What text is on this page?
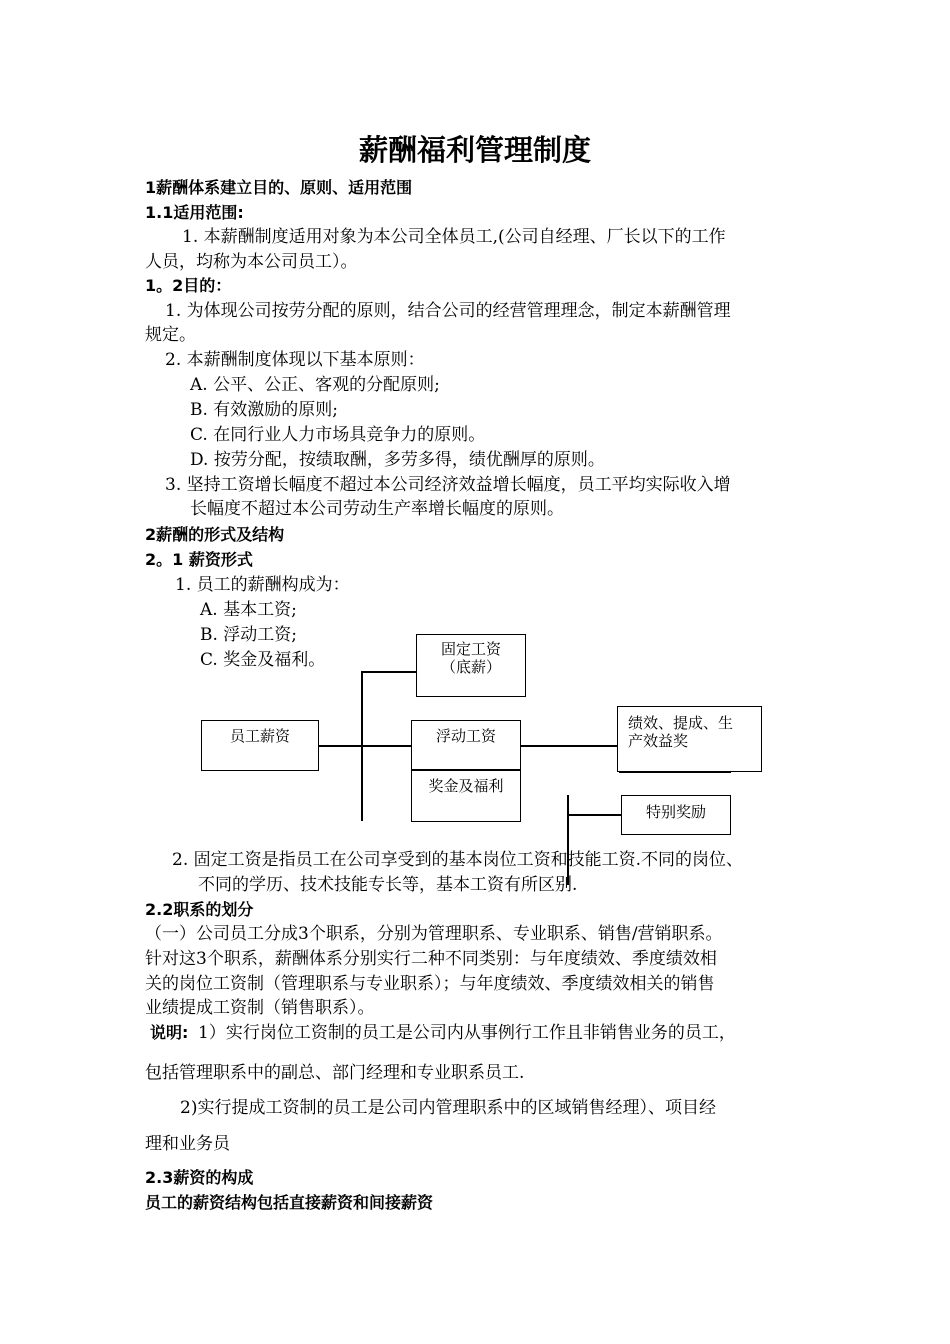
薪酬福利管理制度
1薪酬体系建立目的、原则、适用范围
1.1适用范围:
1. 本薪酬制度适用对象为本公司全体员工,(公司自经理、厂长以下的工作
人员，均称为本公司员工）。
1。2目的：
1. 为体现公司按劳分配的原则，结合公司的经营管理理念，制定本薪酬管理
规定。
2. 本薪酬制度体现以下基本原则：
A. 公平、公正、客观的分配原则;
B. 有效激励的原则;
C. 在同行业人力市场具竞争力的原则。
D. 按劳分配，按绩取酬，多劳多得，绩优酬厚的原则。
3. 坚持工资增长幅度不超过本公司经济效益增长幅度，员工平均实际收入增
长幅度不超过本公司劳动生产率增长幅度的原则。
2薪酬的形式及结构
2。1 薪资形式
1. 员工的薪酬构成为：
A. 基本工资;
B. 浮动工资;
C. 奖金及福利。
固定工资
（底薪）
员工薪资	浮动工资
奖金及福利
绩效、提成、生
产效益奖
特别奖励
2. 固定工资是指员工在公司享受到的基本岗位工资和技能工资.不同的岗位、
不同的学历、技术技能专长等，基本工资有所区别.
2.2职系的划分
（一）公司员工分成3个职系，分别为管理职系、专业职系、销售/营销职系。
针对这3个职系，薪酬体系分别实行二种不同类别：与年度绩效、季度绩效相
关的岗位工资制（管理职系与专业职系）；与年度绩效、季度绩效相关的销售
业绩提成工资制（销售职系）。
说明: 1）实行岗位工资制的员工是公司内从事例行工作且非销售业务的员工，
包括管理职系中的副总、部门经理和专业职系员工.
2)实行提成工资制的员工是公司内管理职系中的区域销售经理）、项目经
理和业务员
2.3薪资的构成
员工的薪资结构包括直接薪资和间接薪资
